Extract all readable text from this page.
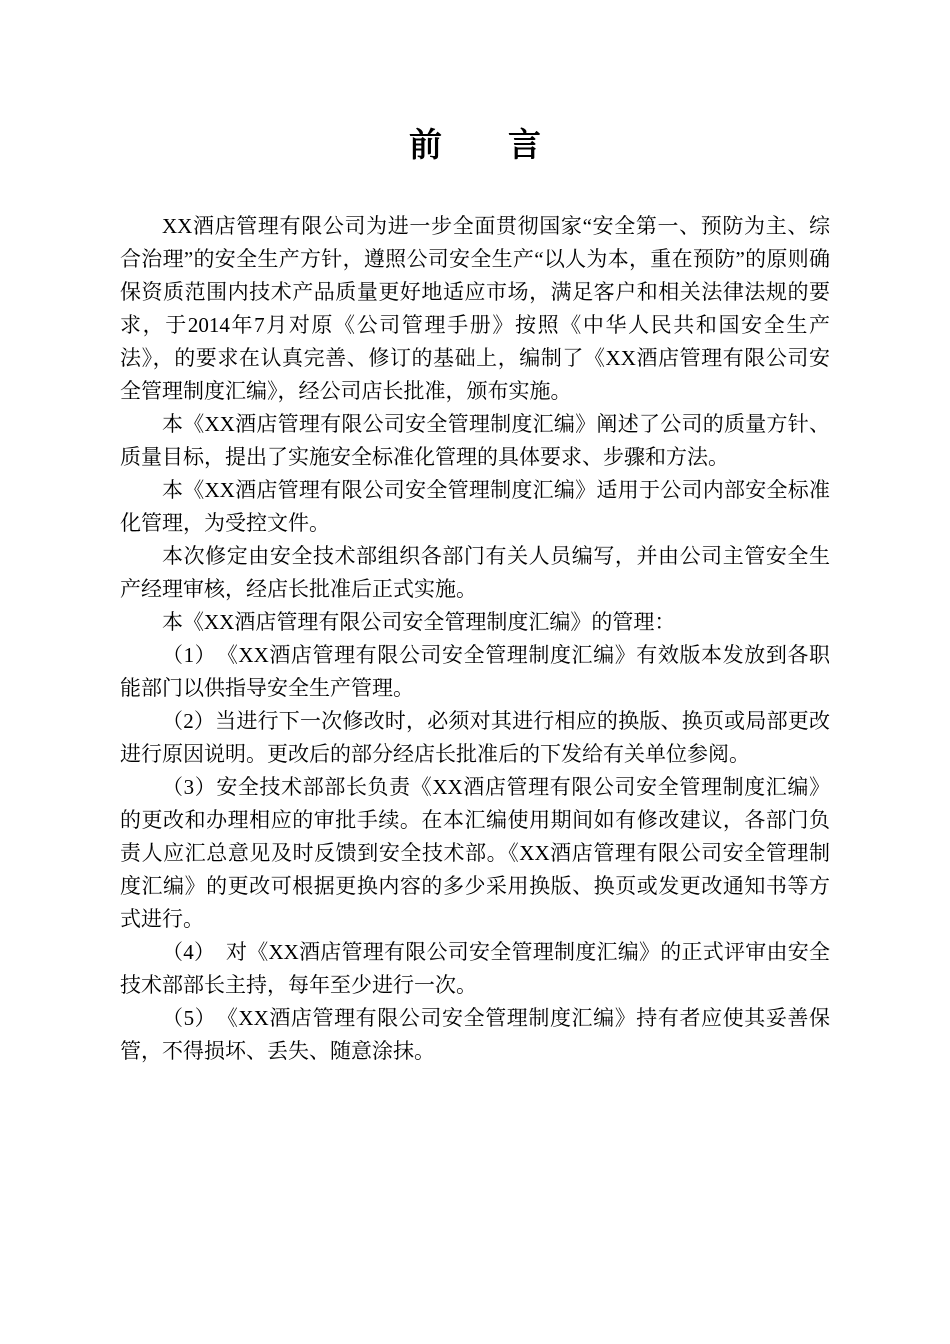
前　　言

XX酒店管理有限公司为进一步全面贯彻国家“安全第一、预防为主、综合治理”的安全生产方针，遵照公司安全生产“以人为本，重在预防”的原则确保资质范围内技术产品质量更好地适应市场，满足客户和相关法律法规的要求，于2014年7月对原《公司管理手册》按照《中华人民共和国安全生产法》，的要求在认真完善、修订的基础上，编制了《XX酒店管理有限公司安全管理制度汇编》，经公司店长批准，颁布实施。

本《XX酒店管理有限公司安全管理制度汇编》阐述了公司的质量方针、质量目标，提出了实施安全标准化管理的具体要求、步骤和方法。

本《XX酒店管理有限公司安全管理制度汇编》适用于公司内部安全标准化管理，为受控文件。

本次修定由安全技术部组织各部门有关人员编写，并由公司主管安全生产经理审核，经店长批准后正式实施。

本《XX酒店管理有限公司安全管理制度汇编》的管理：

（1）　《XX酒店管理有限公司安全管理制度汇编》有效版本发放到各职能部门以供指导安全生产管理。

（2）当进行下一次修改时，必须对其进行相应的换版、换页或局部更改进行原因说明。更改后的部分经店长批准后的下发给有关单位参阅。

（3）安全技术部部长负责《XX酒店管理有限公司安全管理制度汇编》的更改和办理相应的审批手续。在本汇编使用期间如有修改建议，各部门负责人应汇总意见及时反馈到安全技术部。《XX酒店管理有限公司安全管理制度汇编》的更改可根据更换内容的多少采用换版、换页或发更改通知书等方式进行。

（4）　对《XX酒店管理有限公司安全管理制度汇编》的正式评审由安全技术部部长主持，每年至少进行一次。

（5）　《XX酒店管理有限公司安全管理制度汇编》持有者应使其妥善保管，不得损坏、丢失、随意涂抹。
